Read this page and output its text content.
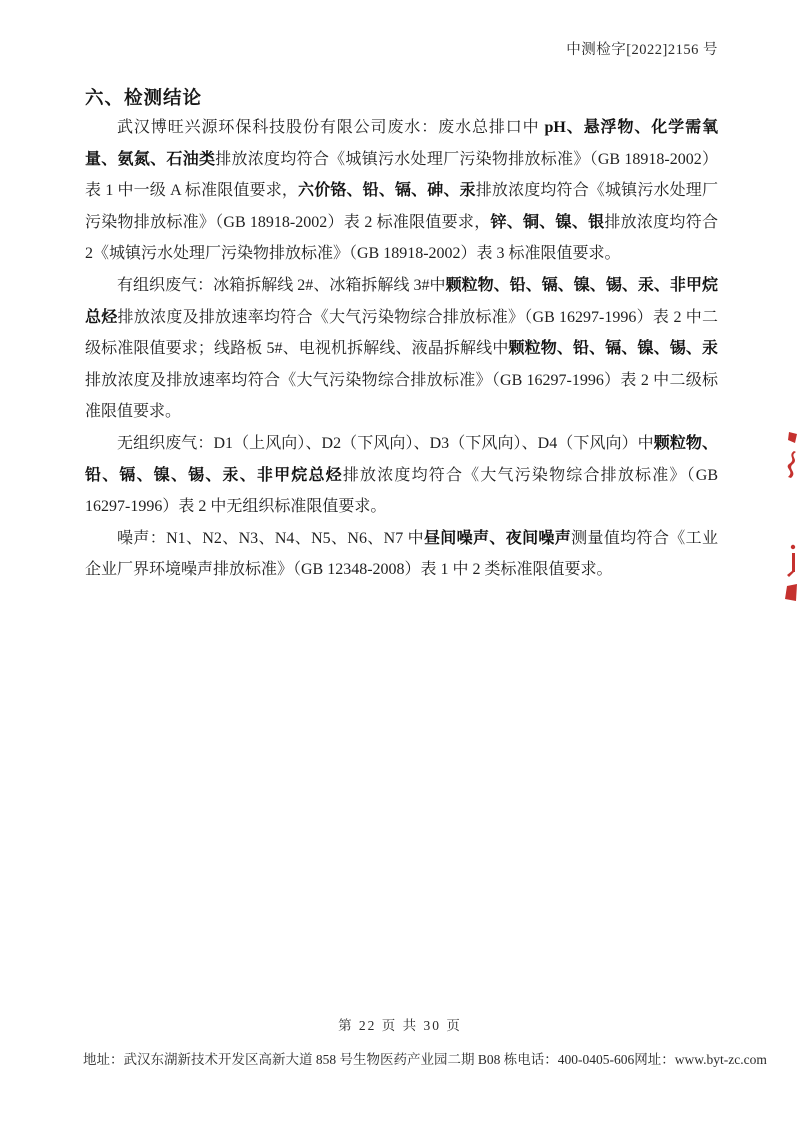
中测检字[2022]2156 号
六、检测结论

武汉博旺兴源环保科技股份有限公司废水：废水总排口中 pH、悬浮物、化学需氧量、氨氮、石油类排放浓度均符合《城镇污水处理厂污染物排放标准》（GB 18918-2002）表 1 中一级 A 标准限值要求，六价铬、铅、镉、砷、汞排放浓度均符合《城镇污水处理厂污染物排放标准》（GB 18918-2002）表 2 标准限值要求，锌、铜、镍、银排放浓度均符合 2《城镇污水处理厂污染物排放标准》（GB 18918-2002）表 3 标准限值要求。

有组织废气：冰箱拆解线 2#、冰箱拆解线 3#中颗粒物、铅、镉、镍、锡、汞、非甲烷总烃排放浓度及排放速率均符合《大气污染物综合排放标准》（GB 16297-1996）表 2 中二级标准限值要求；线路板 5#、电视机拆解线、液晶拆解线中颗粒物、铅、镉、镍、锡、汞排放浓度及排放速率均符合《大气污染物综合排放标准》（GB 16297-1996）表 2 中二级标准限值要求。

无组织废气：D1（上风向）、D2（下风向）、D3（下风向）、D4（下风向）中颗粒物、铅、镉、镍、锡、汞、非甲烷总烃排放浓度均符合《大气污染物综合排放标准》（GB 16297-1996）表 2 中无组织标准限值要求。

噪声：N1、N2、N3、N4、N5、N6、N7 中昼间噪声、夜间噪声测量值均符合《工业企业厂界环境噪声排放标准》（GB 12348-2008）表 1 中 2 类标准限值要求。

第 22 页 共 30 页
地址：武汉东湖新技术开发区高新大道 858 号生物医药产业园二期 B08 栋 电话：400-0405-606 网址：www.byt-zc.com
